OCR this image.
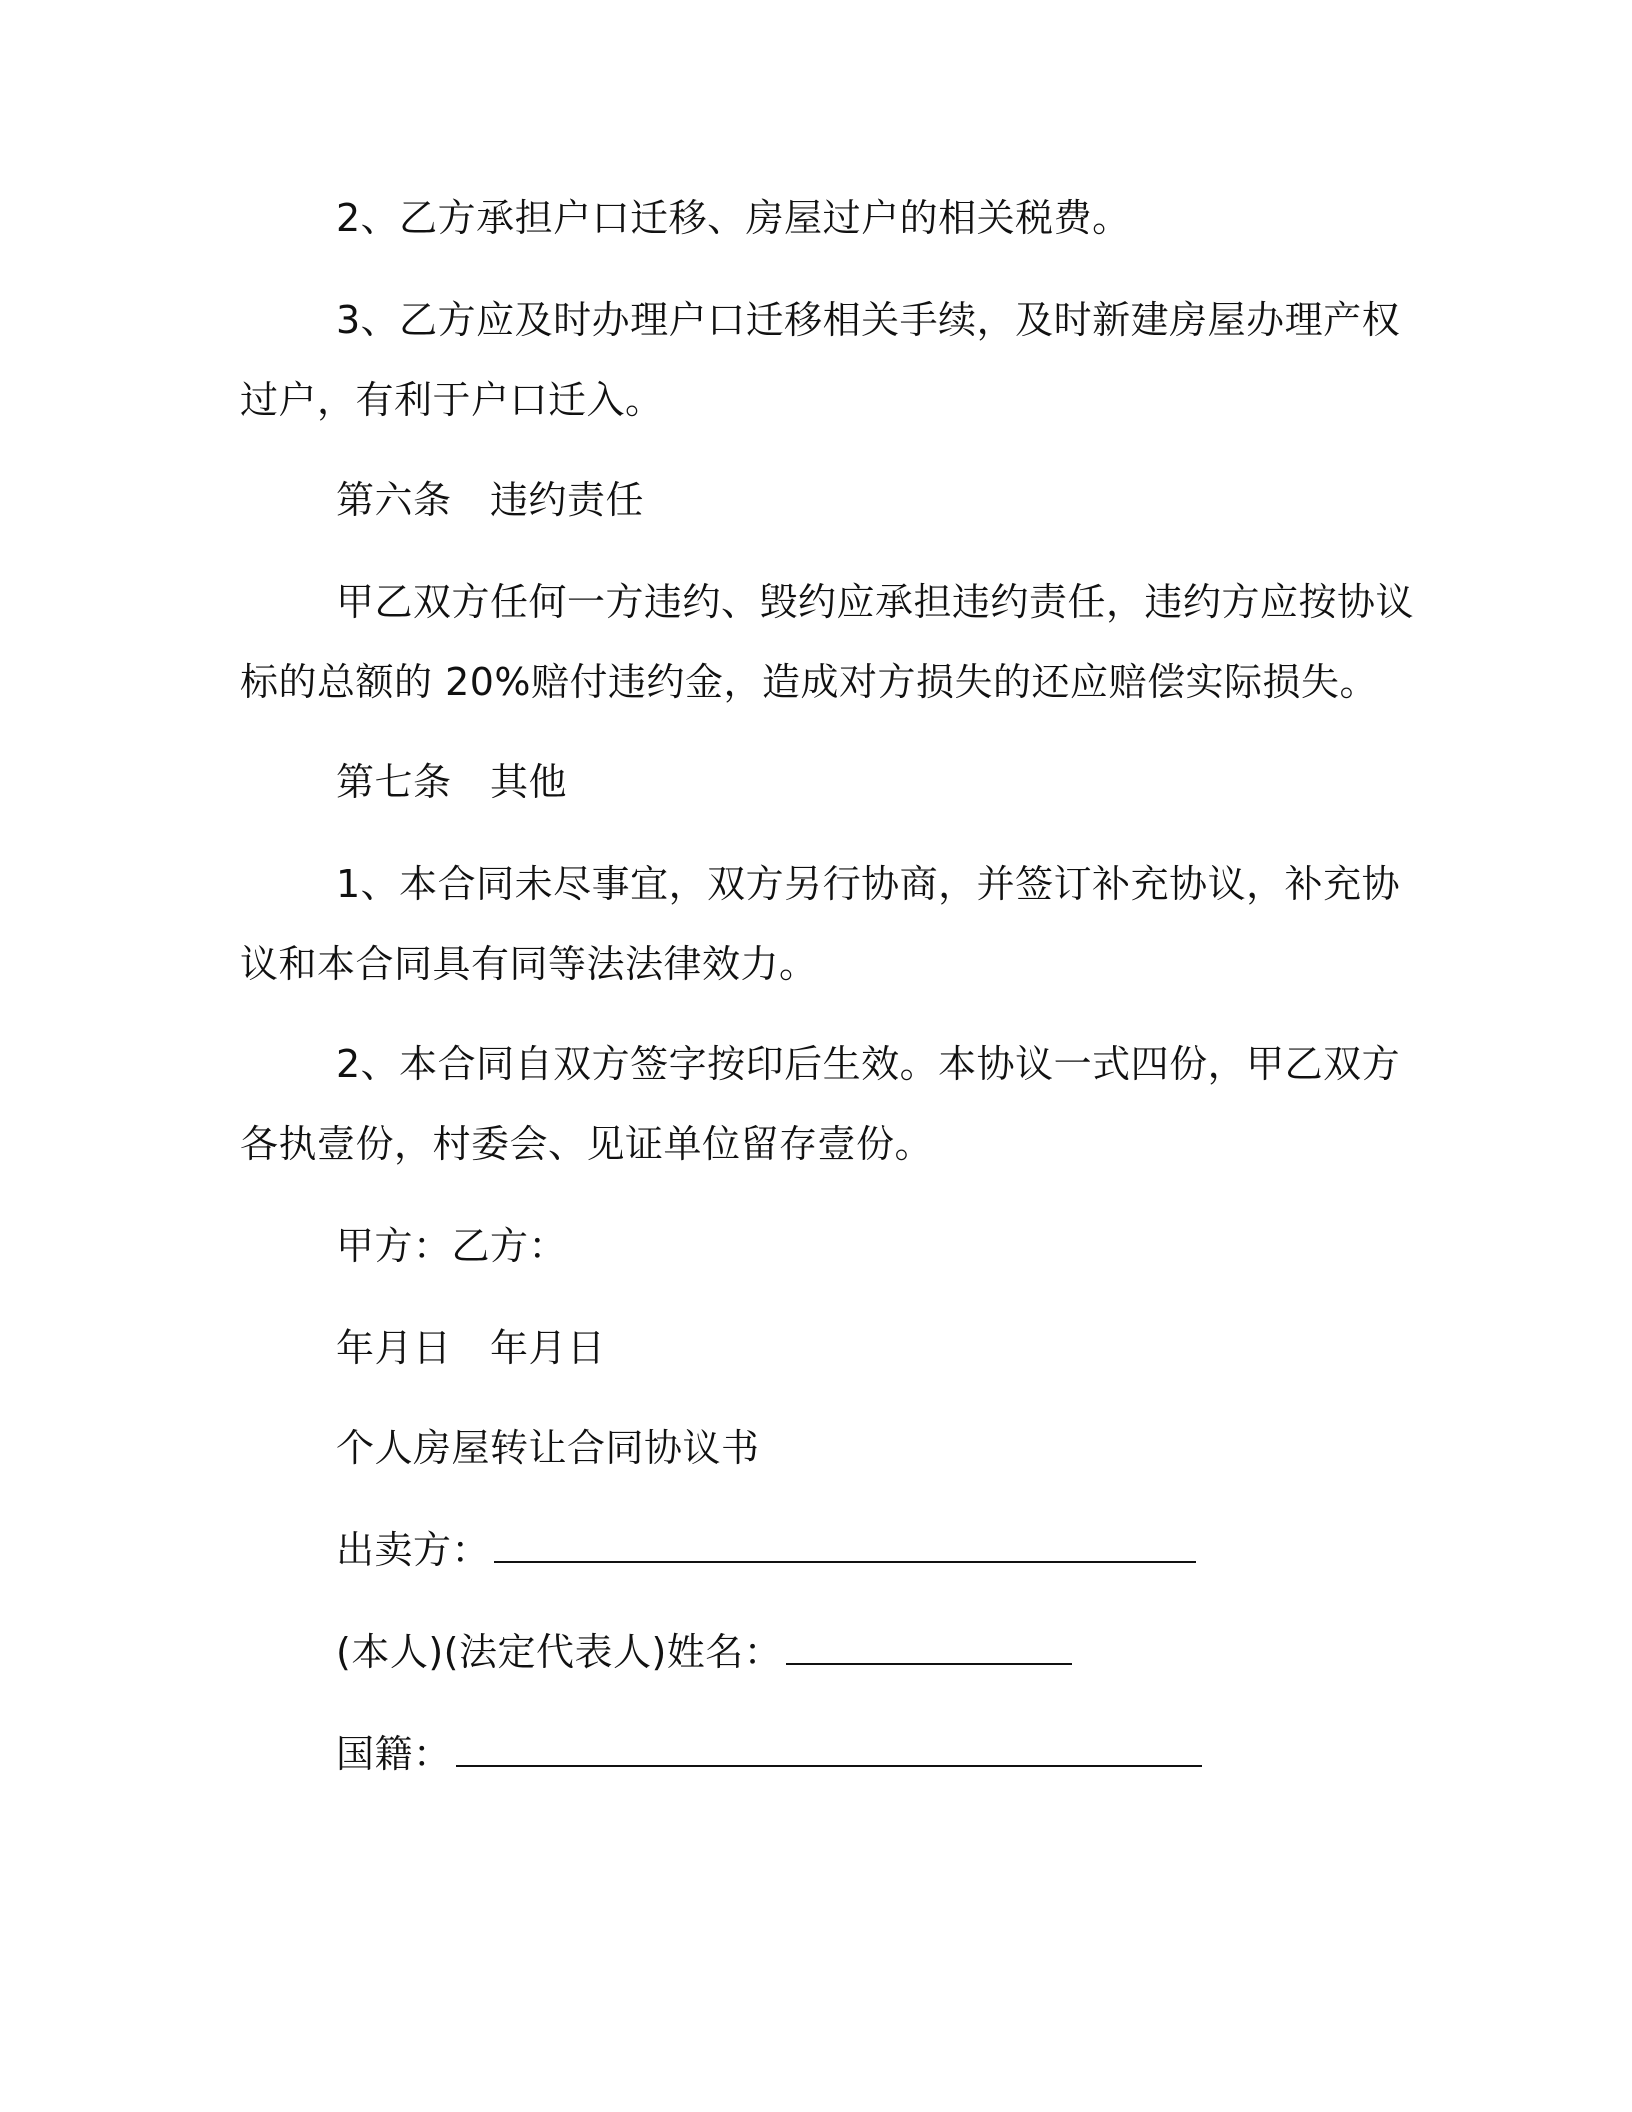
2、乙方承担户口迁移、房屋过户的相关税费。
3、乙方应及时办理户口迁移相关手续，及时新建房屋办理产权
过户，有利于户口迁入。
第六条　违约责任
甲乙双方任何一方违约、毁约应承担违约责任，违约方应按协议
标的总额的 20%赔付违约金，造成对方损失的还应赔偿实际损失。
第七条　其他
1、本合同未尽事宜，双方另行协商，并签订补充协议，补充协
议和本合同具有同等法法律效力。
2、本合同自双方签字按印后生效。本协议一式四份，甲乙双方
各执壹份，村委会、见证单位留存壹份。
甲方：乙方：
年月日　年月日
个人房屋转让合同协议书
出卖方：
(本人)(法定代表人)姓名：
国籍：
